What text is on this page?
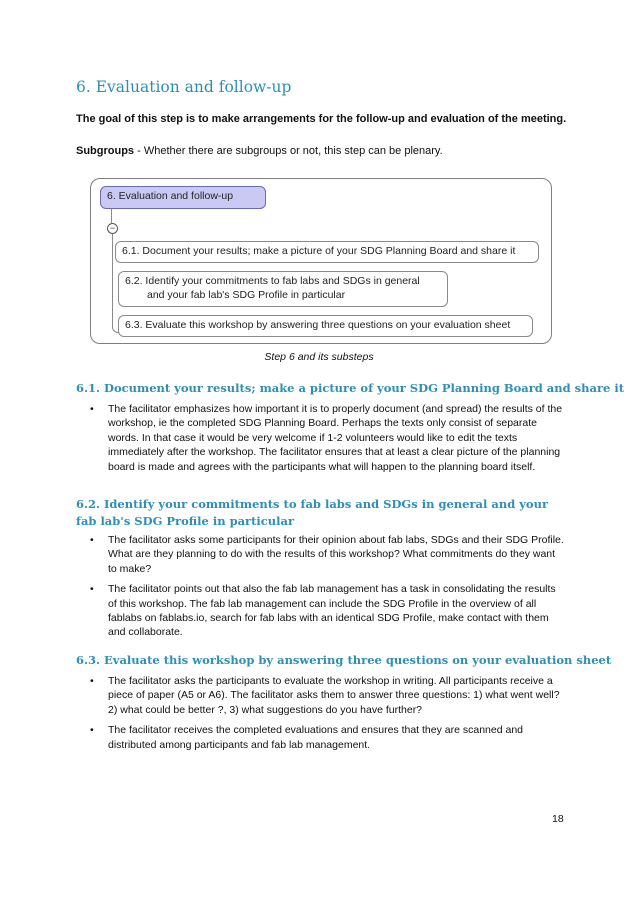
6. Evaluation and follow-up

The goal of this step is to make arrangements for the follow-up and evaluation of the meeting.

Subgroups - Whether there are subgroups or not, this step can be plenary.

6. Evaluation and follow-up
−
6.1. Document your results; make a picture of your SDG Planning Board and share it
6.2. Identify your commitments to fab labs and SDGs in general
and your fab lab's SDG Profile in particular
6.3. Evaluate this workshop by answering three questions on your evaluation sheet

Step 6 and its substeps

6.1. Document your results; make a picture of your SDG Planning Board and share it
• The facilitator emphasizes how important it is to properly document (and spread) the results of the workshop, ie the completed SDG Planning Board. Perhaps the texts only consist of separate words. In that case it would be very welcome if 1-2 volunteers would like to edit the texts immediately after the workshop. The facilitator ensures that at least a clear picture of the planning board is made and agrees with the participants what will happen to the planning board itself.
6.2. Identify your commitments to fab labs and SDGs in general and your fab lab's SDG Profile in particular
• The facilitator asks some participants for their opinion about fab labs, SDGs and their SDG Profile. What are they planning to do with the results of this workshop? What commitments do they want to make?
• The facilitator points out that also the fab lab management has a task in consolidating the results of this workshop. The fab lab management can include the SDG Profile in the overview of all fablabs on fablabs.io, search for fab labs with an identical SDG Profile, make contact with them and collaborate.
6.3. Evaluate this workshop by answering three questions on your evaluation sheet
• The facilitator asks the participants to evaluate the workshop in writing. All participants receive a piece of paper (A5 or A6). The facilitator asks them to answer three questions: 1) what went well? 2) what could be better ?, 3) what suggestions do you have further?
• The facilitator receives the completed evaluations and ensures that they are scanned and distributed among participants and fab lab management.

18
